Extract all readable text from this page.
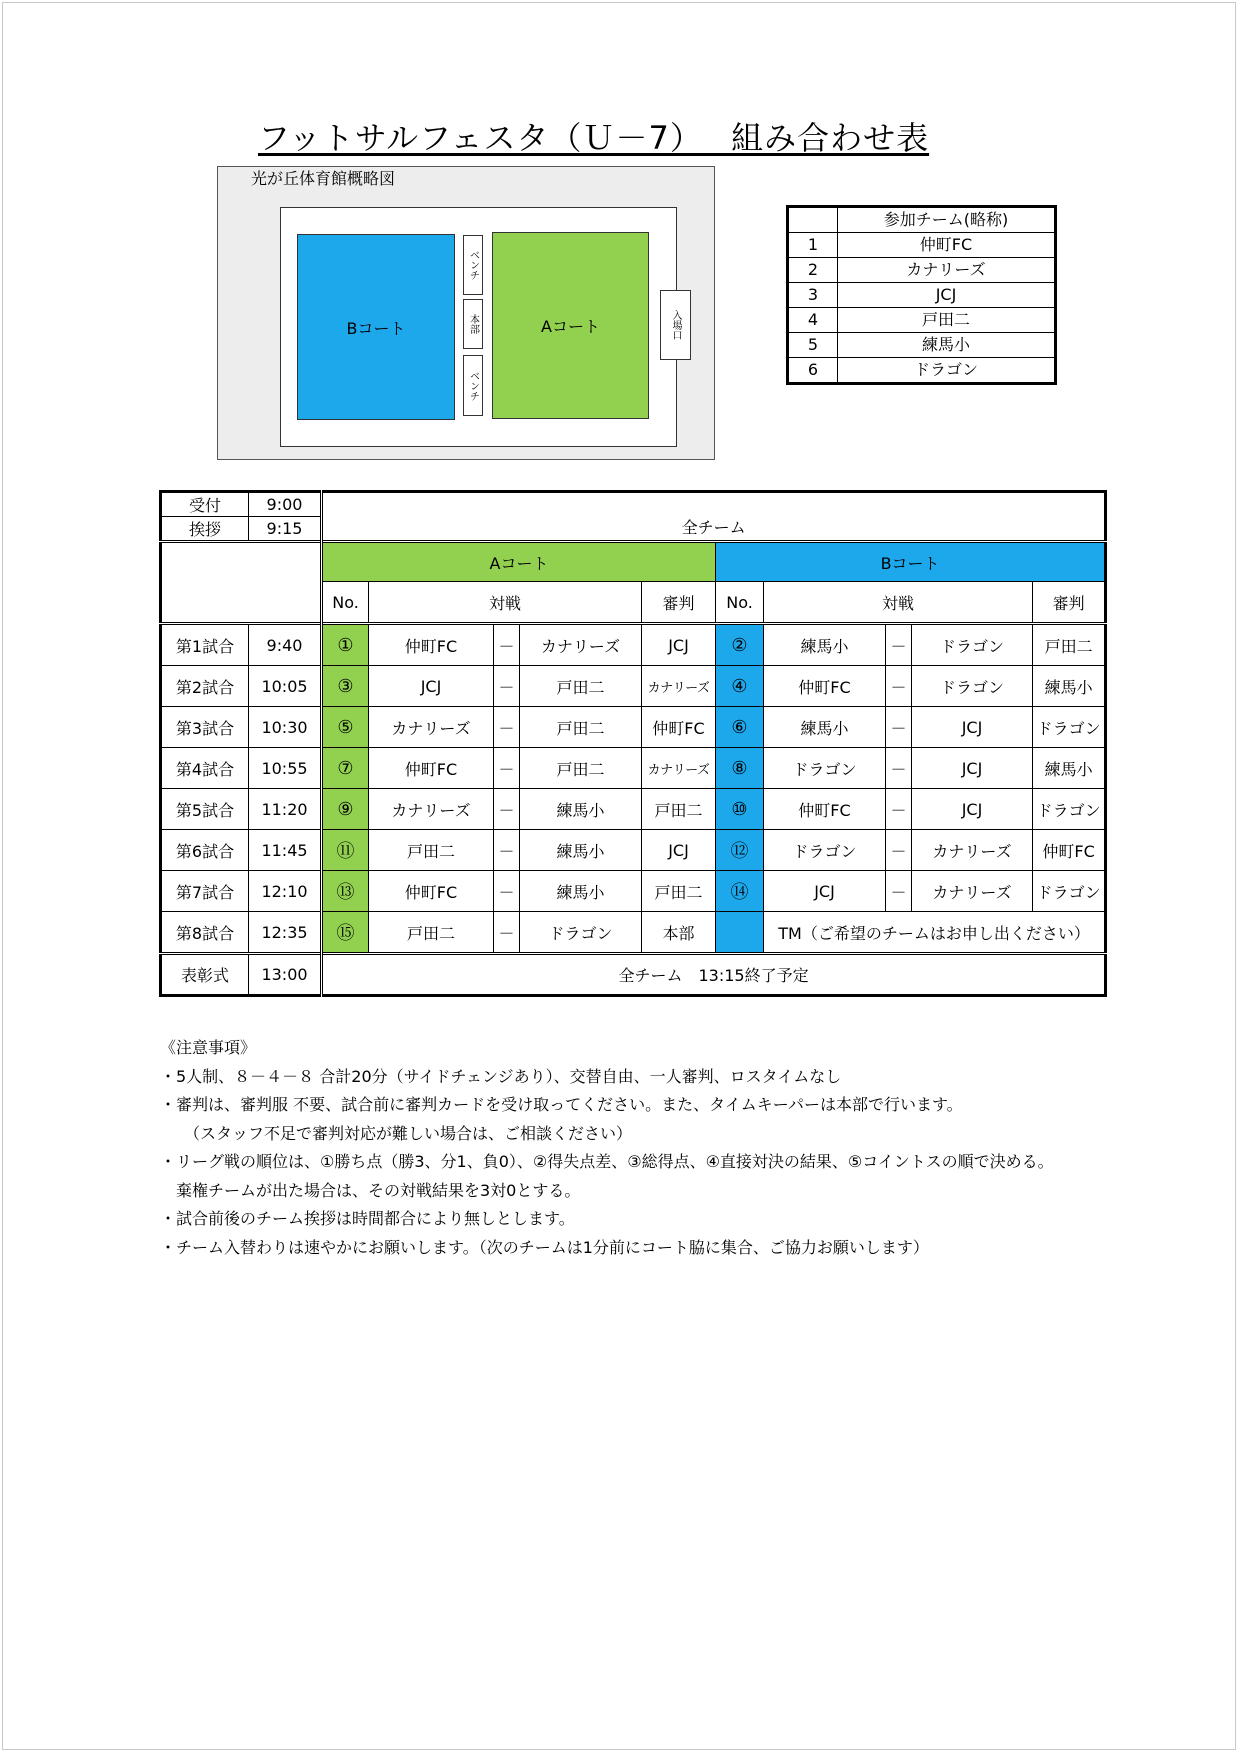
フットサルフェスタ（Ｕ－7）　 組み合わせ表
光が丘体育館概略図
Bコート	Aコート
ベンチ
本部
ベンチ
入場口
	参加チーム(略称)
1	仲町FC
2	カナリーズ
3	JCJ
4	戸田二
5	練馬小
6	ドラゴン
受付	9:00	全チーム									
挨拶	9:15										
		Aコート					Bコート				
		No.	対戦			審判	No.	対戦			審判
第1試合	9:40	①	仲町FC	－	カナリーズ	JCJ	②	練馬小	－	ドラゴン	戸田二
第2試合	10:05	③	JCJ	－	戸田二	カナリーズ	④	仲町FC	－	ドラゴン	練馬小
第3試合	10:30	⑤	カナリーズ	－	戸田二	仲町FC	⑥	練馬小	－	JCJ	ドラゴン
第4試合	10:55	⑦	仲町FC	－	戸田二	カナリーズ	⑧	ドラゴン	－	JCJ	練馬小
第5試合	11:20	⑨	カナリーズ	－	練馬小	戸田二	⑩	仲町FC	－	JCJ	ドラゴン
第6試合	11:45	⑪	戸田二	－	練馬小	JCJ	⑫	ドラゴン	－	カナリーズ	仲町FC
第7試合	12:10	⑬	仲町FC	－	練馬小	戸田二	⑭	JCJ	－	カナリーズ	ドラゴン
第8試合	12:35	⑮	戸田二	－	ドラゴン	本部		TM（ご希望のチームはお申し出ください）			
表彰式	13:00	全チーム　13:15終了予定									
《注意事項》
・5人制、８－４－８ 合計20分（サイドチェンジあり）、交替自由、一人審判、ロスタイムなし
・審判は、審判服 不要、試合前に審判カードを受け取ってください。また、タイムキーパーは本部で行います。
　　（スタッフ不足で審判対応が難しい場合は、ご相談ください）
・リーグ戦の順位は、①勝ち点（勝3、分1、負0）、②得失点差、③総得点、④直接対決の結果、⑤コイントスの順で決める。
　棄権チームが出た場合は、その対戦結果を3対0とする。
・試合前後のチーム挨拶は時間都合により無しとします。
・チーム入替わりは速やかにお願いします。（次のチームは1分前にコート脇に集合、ご協力お願いします）
